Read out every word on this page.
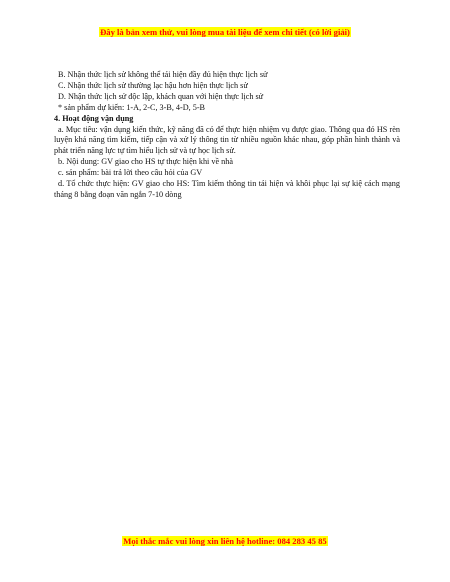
Đây là bản xem thử, vui lòng mua tài liệu để xem chi tiết (có lời giải)

B. Nhận thức lịch sử không thể tái hiện đầy đủ hiện thực lịch sử

C. Nhận thức lịch sử thường lạc hậu hơn hiện thực lịch sử

D. Nhận thức lịch sử độc lập, khách quan với hiện thực lịch sử

* sản phẩm dự kiến: 1-A, 2-C, 3-B, 4-D, 5-B

4. Hoạt động vận dụng

a. Mục tiêu: vận dụng kiến thức, kỹ năng đã có để thực hiện nhiệm vụ được giao. Thông qua đó HS rèn luyện khả năng tìm kiếm, tiếp cận và xử lý thông tin từ nhiều nguồn khác nhau, góp phần hình thành và phát triển năng lực tự tìm hiểu lịch sử và tự học lịch sử.

b. Nội dung: GV giao cho HS tự thực hiện khi về nhà

c. sản phẩm: bài trả lời theo câu hỏi của GV

d. Tổ chức thực hiện: GV giao cho HS: Tìm kiếm thông tin tái hiện và khôi phục lại sự kiệ cách mạng tháng 8 bằng đoạn văn ngắn 7-10 dòng

Mọi thắc mắc vui lòng xin liên hệ hotline: 084 283 45 85
